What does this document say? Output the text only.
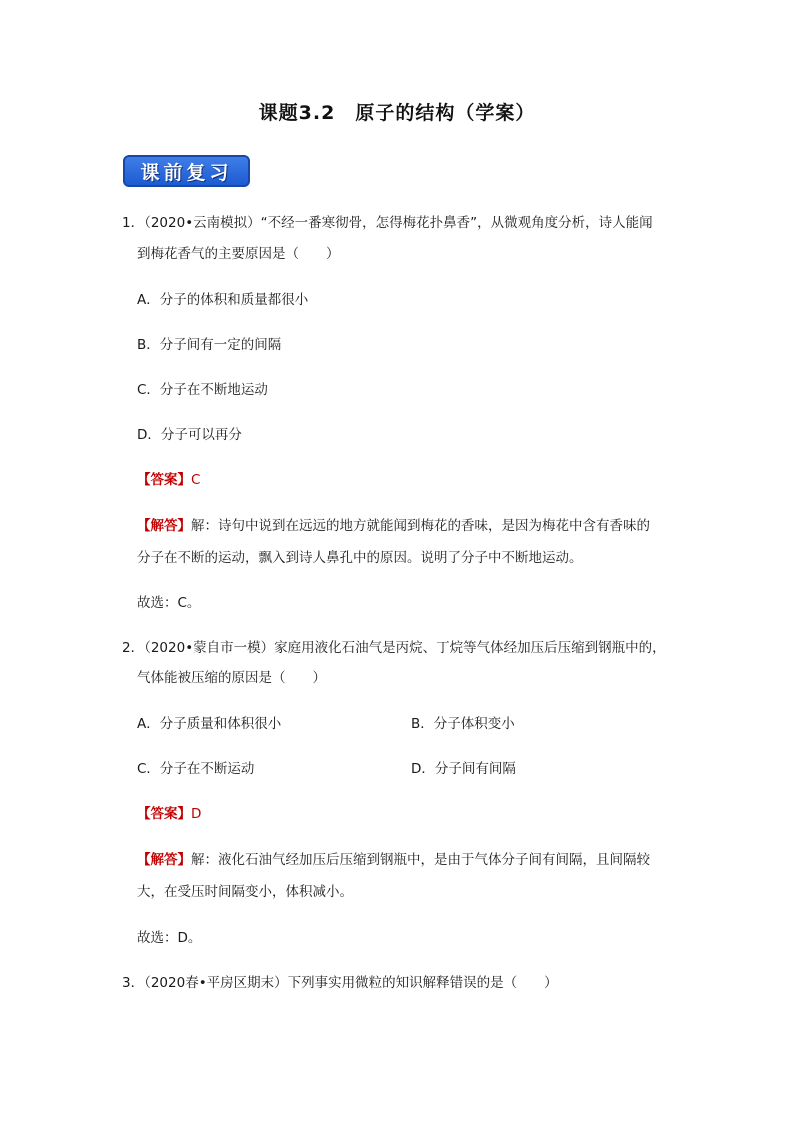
课题3.2　原子的结构（学案）
课前复习
1．（2020•云南模拟）“不经一番寒彻骨，怎得梅花扑鼻香”，从微观角度分析，诗人能闻
到梅花香气的主要原因是（　　）
A．分子的体积和质量都很小
B．分子间有一定的间隔
C．分子在不断地运动
D．分子可以再分
【答案】C
【解答】解：诗句中说到在远远的地方就能闻到梅花的香味，是因为梅花中含有香味的
分子在不断的运动，飘入到诗人鼻孔中的原因。说明了分子中不断地运动。
故选：C。
2．（2020•蒙自市一模）家庭用液化石油气是丙烷、丁烷等气体经加压后压缩到钢瓶中的，
气体能被压缩的原因是（　　）
A．分子质量和体积很小	B．分子体积变小
C．分子在不断运动	D．分子间有间隔
【答案】D
【解答】解：液化石油气经加压后压缩到钢瓶中，是由于气体分子间有间隔，且间隔较
大，在受压时间隔变小，体积减小。
故选：D。
3．（2020春•平房区期末）下列事实用微粒的知识解释错误的是（　　）
